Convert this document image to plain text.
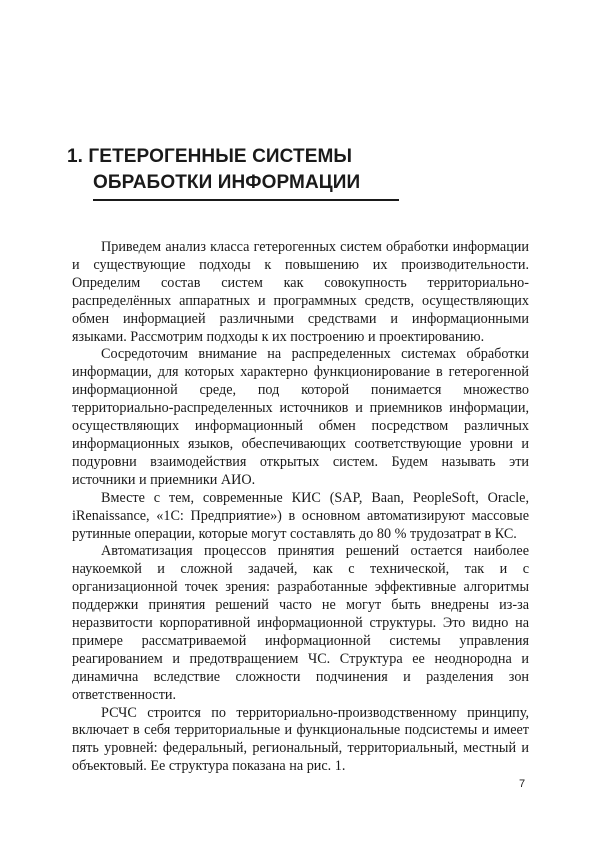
1. ГЕТЕРОГЕННЫЕ СИСТЕМЫ
ОБРАБОТКИ ИНФОРМАЦИИ

Приведем анализ класса гетерогенных систем обработки информации и существующие подходы к повышению их производительности. Определим состав систем как совокупность территориально-распределённых аппаратных и программных средств, осуществляющих обмен информацией различными средствами и информационными языками. Рассмотрим подходы к их построению и проектированию.

Сосредоточим внимание на распределенных системах обработки информации, для которых характерно функционирование в гетерогенной информационной среде, под которой понимается множество территориально-распределенных источников и приемников информации, осуществляющих информационный обмен посредством различных информационных языков, обеспечивающих соответствующие уровни и подуровни взаимодействия открытых систем. Будем называть эти источники и приемники АИО.

Вместе с тем, современные КИС (SAP, Baan, PeopleSoft, Oracle, iRenaissance, «1С: Предприятие») в основном автоматизируют массовые рутинные операции, которые могут составлять до 80 % трудозатрат в КС.

Автоматизация процессов принятия решений остается наиболее наукоемкой и сложной задачей, как с технической, так и с организационной точек зрения: разработанные эффективные алгоритмы поддержки принятия решений часто не могут быть внедрены из-за неразвитости корпоративной информационной структуры. Это видно на примере рассматриваемой информационной системы управления реагированием и предотвращением ЧС. Структура ее неоднородна и динамична вследствие сложности подчинения и разделения зон ответственности.

РСЧС строится по территориально-производственному принципу, включает в себя территориальные и функциональные подсистемы и имеет пять уровней: федеральный, региональный, территориальный, местный и объектовый. Ее структура показана на рис. 1.

7
